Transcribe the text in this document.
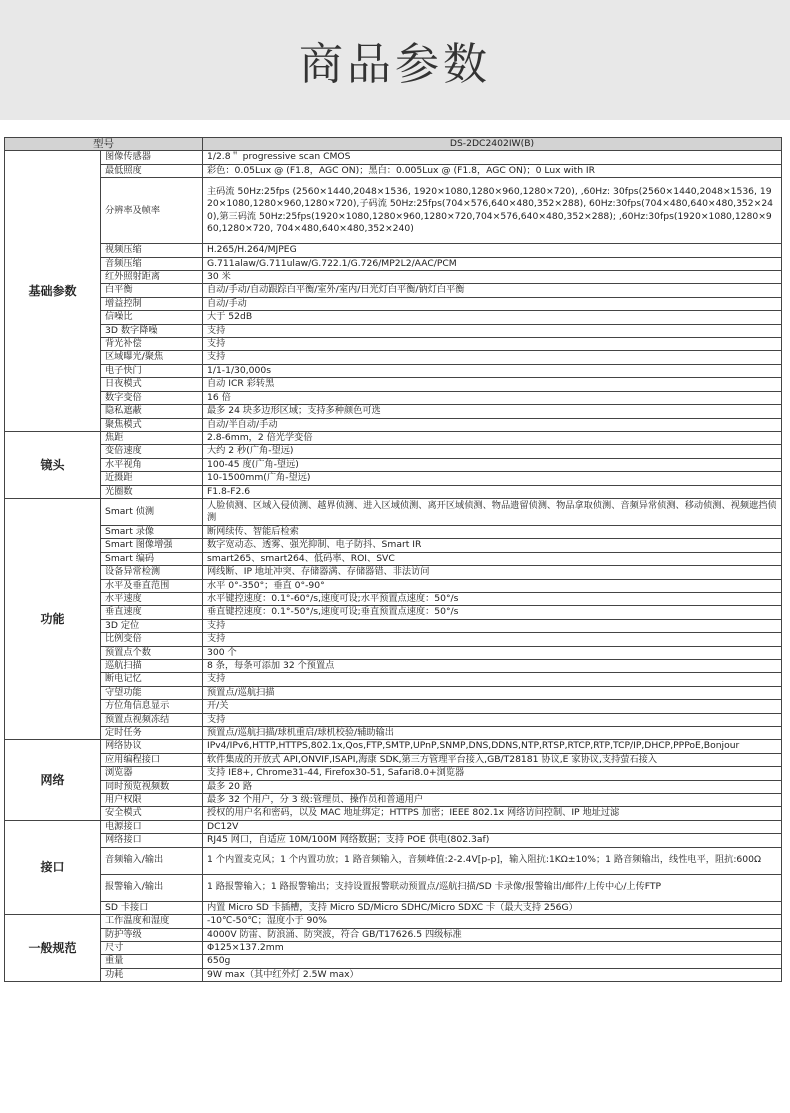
商品参数
型号		DS-2DC2402IW(B)
基础参数	图像传感器	1/2.8＂ progressive scan CMOS
	最低照度	彩色：0.05Lux @ (F1.8，AGC ON)；黑白：0.005Lux @ (F1.8，AGC ON)；0 Lux with IR
	分辨率及帧率	主码流 50Hz:25fps (2560×1440,2048×1536, 1920×1080,1280×960,1280×720), ,60Hz: 30fps(2560×1440,2048×1536, 1920×1080,1280×960,1280×720),子码流 50Hz:25fps(704×576,640×480,352×288), 60Hz:30fps(704×480,640×480,352×240),第三码流 50Hz:25fps(1920×1080,1280×960,1280×720,704×576,640×480,352×288); ,60Hz:30fps(1920×1080,1280×960,1280×720, 704×480,640×480,352×240)
	视频压缩	H.265/H.264/MJPEG
	音频压缩	G.711alaw/G.711ulaw/G.722.1/G.726/MP2L2/AAC/PCM
	红外照射距离	30 米
	白平衡	自动/手动/自动跟踪白平衡/室外/室内/日光灯白平衡/钠灯白平衡
	增益控制	自动/手动
	信噪比	大于 52dB
	3D 数字降噪	支持
	背光补偿	支持
	区域曝光/聚焦	支持
	电子快门	1/1-1/30,000s
	日夜模式	自动 ICR 彩转黑
	数字变倍	16 倍
	隐私遮蔽	最多 24 块多边形区域；支持多种颜色可选
	聚焦模式	自动/半自动/手动
镜头	焦距	2.8-6mm，2 倍光学变倍
	变倍速度	大约 2 秒(广角-望远)
	水平视角	100-45 度(广角-望远)
	近摄距	10-1500mm(广角-望远)
	光圈数	F1.8-F2.6
功能	Smart 侦测	人脸侦测、区域入侵侦测、越界侦测、进入区域侦测、离开区域侦测、物品遗留侦测、物品拿取侦测、音频异常侦测、移动侦测、视频遮挡侦测
	Smart 录像	断网续传、智能后检索
	Smart 图像增强	数字宽动态、透雾、强光抑制、电子防抖、Smart IR
	Smart 编码	smart265、smart264、低码率、ROI、SVC
	设备异常检测	网线断、IP 地址冲突、存储器满、存储器错、非法访问
	水平及垂直范围	水平 0°-350°；垂直 0°-90°
	水平速度	水平键控速度：0.1°-60°/s,速度可设;水平预置点速度：50°/s
	垂直速度	垂直键控速度：0.1°-50°/s,速度可设;垂直预置点速度：50°/s
	3D 定位	支持
	比例变倍	支持
	预置点个数	300 个
	巡航扫描	8 条，每条可添加 32 个预置点
	断电记忆	支持
	守望功能	预置点/巡航扫描
	方位角信息显示	开/关
	预置点视频冻结	支持
	定时任务	预置点/巡航扫描/球机重启/球机校验/辅助输出
网络	网络协议	IPv4/IPv6,HTTP,HTTPS,802.1x,Qos,FTP,SMTP,UPnP,SNMP,DNS,DDNS,NTP,RTSP,RTCP,RTP,TCP/IP,DHCP,PPPoE,Bonjour
	应用编程接口	软件集成的开放式 API,ONVIF,ISAPI,海康 SDK,第三方管理平台接入,GB/T28181 协议,E 家协议,支持萤石接入
	浏览器	支持 IE8+, Chrome31-44, Firefox30-51, Safari8.0+浏览器
	同时预览视频数	最多 20 路
	用户权限	最多 32 个用户，分 3 级:管理员、操作员和普通用户
	安全模式	授权的用户名和密码，以及 MAC 地址绑定；HTTPS 加密；IEEE 802.1x 网络访问控制、IP 地址过滤
接口	电源接口	DC12V
	网络接口	RJ45 网口，自适应 10M/100M 网络数据；支持 POE 供电(802.3af)
	音频输入/输出	1 个内置麦克风；1 个内置功放；1 路音频输入，音频峰值:2-2.4V[p-p]，输入阻抗:1KΩ±10%；1 路音频输出，线性电平，阻抗:600Ω
	报警输入/输出	1 路报警输入；1 路报警输出；支持设置报警联动预置点/巡航扫描/SD 卡录像/报警输出/邮件/上传中心/上传FTP
	SD 卡接口	内置 Micro SD 卡插槽，支持 Micro SD/Micro SDHC/Micro SDXC 卡（最大支持 256G）
一般规范	工作温度和湿度	-10℃-50℃；湿度小于 90%
	防护等级	4000V 防雷、防浪涌、防突波，符合 GB/T17626.5 四级标准
	尺寸	Φ125×137.2mm
	重量	650g
	功耗	9W max（其中红外灯 2.5W max）
